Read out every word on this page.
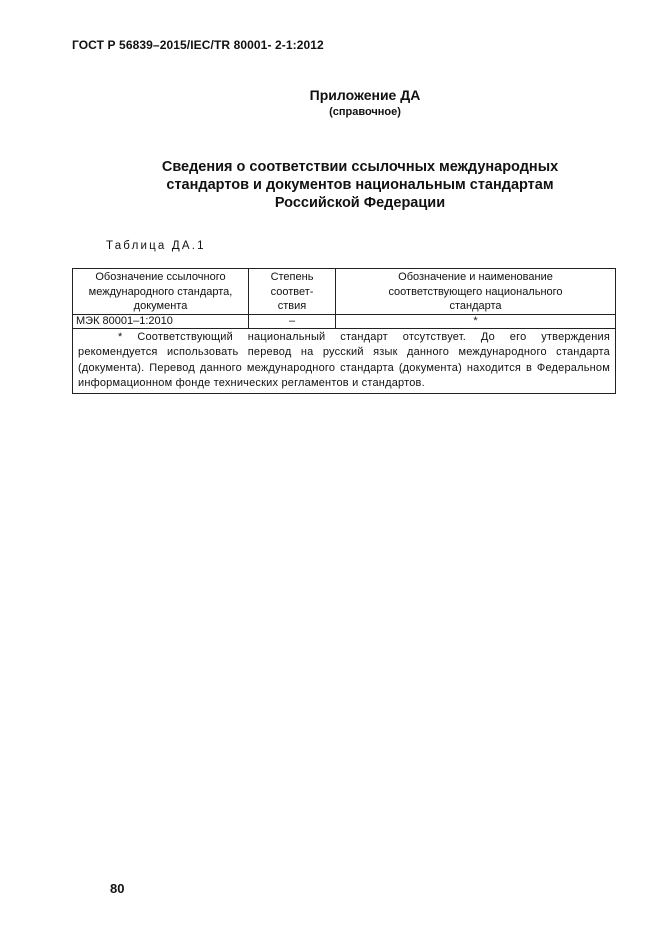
ГОСТ Р 56839–2015/IEC/TR 80001- 2-1:2012
Приложение ДА
(справочное)
Сведения о соответствии ссылочных международных
стандартов и документов национальным стандартам
Российской Федерации
Таблица ДА.1
Обозначение ссылочного международного стандарта, документа	Степень соответ-ствия	Обозначение и наименование соответствующего национального стандарта
МЭК 80001–1:2010	–	*
* Соответствующий национальный стандарт отсутствует. До его утверждения рекомендуется использовать перевод на русский язык данного международного стандарта (документа). Перевод данного международного стандарта (документа) находится в Федеральном информационном фонде технических регламентов и стандартов.		
80
